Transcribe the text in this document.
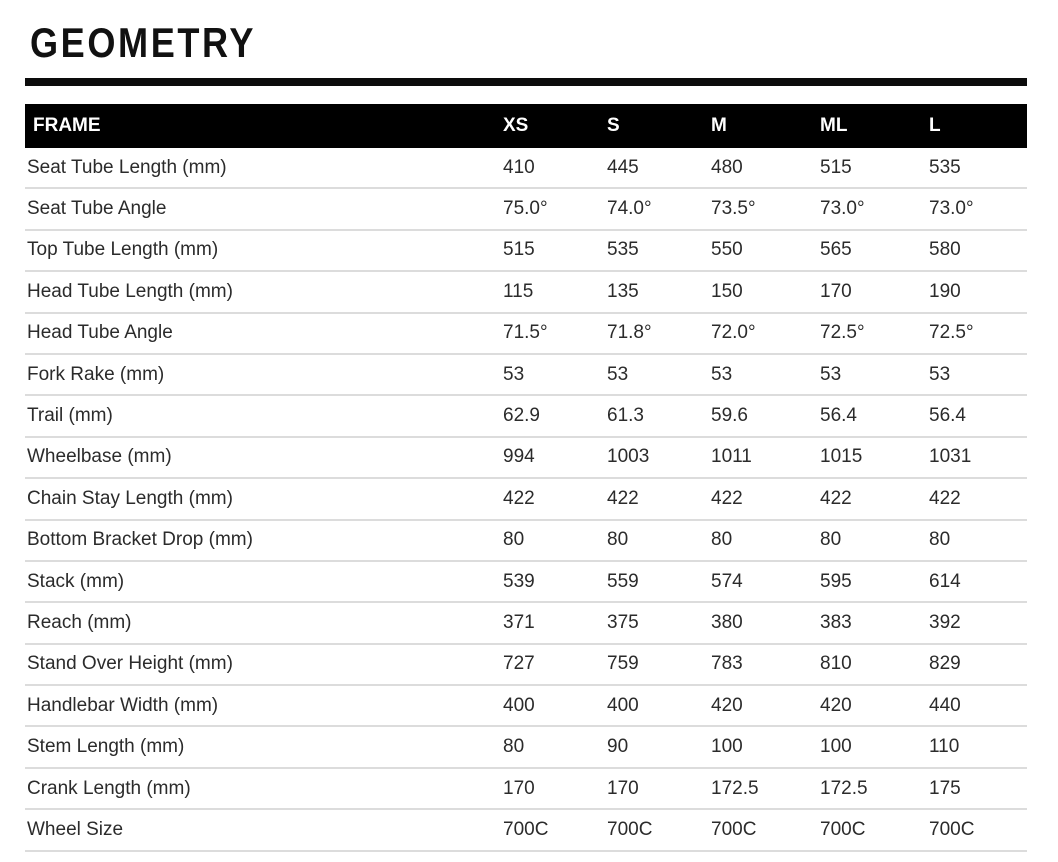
GEOMETRY
FRAME	XS	S	M	ML	L
Seat Tube Length (mm)	410	445	480	515	535
Seat Tube Angle	75.0°	74.0°	73.5°	73.0°	73.0°
Top Tube Length (mm)	515	535	550	565	580
Head Tube Length (mm)	115	135	150	170	190
Head Tube Angle	71.5°	71.8°	72.0°	72.5°	72.5°
Fork Rake (mm)	53	53	53	53	53
Trail (mm)	62.9	61.3	59.6	56.4	56.4
Wheelbase (mm)	994	1003	1011	1015	1031
Chain Stay Length (mm)	422	422	422	422	422
Bottom Bracket Drop (mm)	80	80	80	80	80
Stack (mm)	539	559	574	595	614
Reach (mm)	371	375	380	383	392
Stand Over Height (mm)	727	759	783	810	829
Handlebar Width (mm)	400	400	420	420	440
Stem Length (mm)	80	90	100	100	110
Crank Length (mm)	170	170	172.5	172.5	175
Wheel Size	700C	700C	700C	700C	700C
